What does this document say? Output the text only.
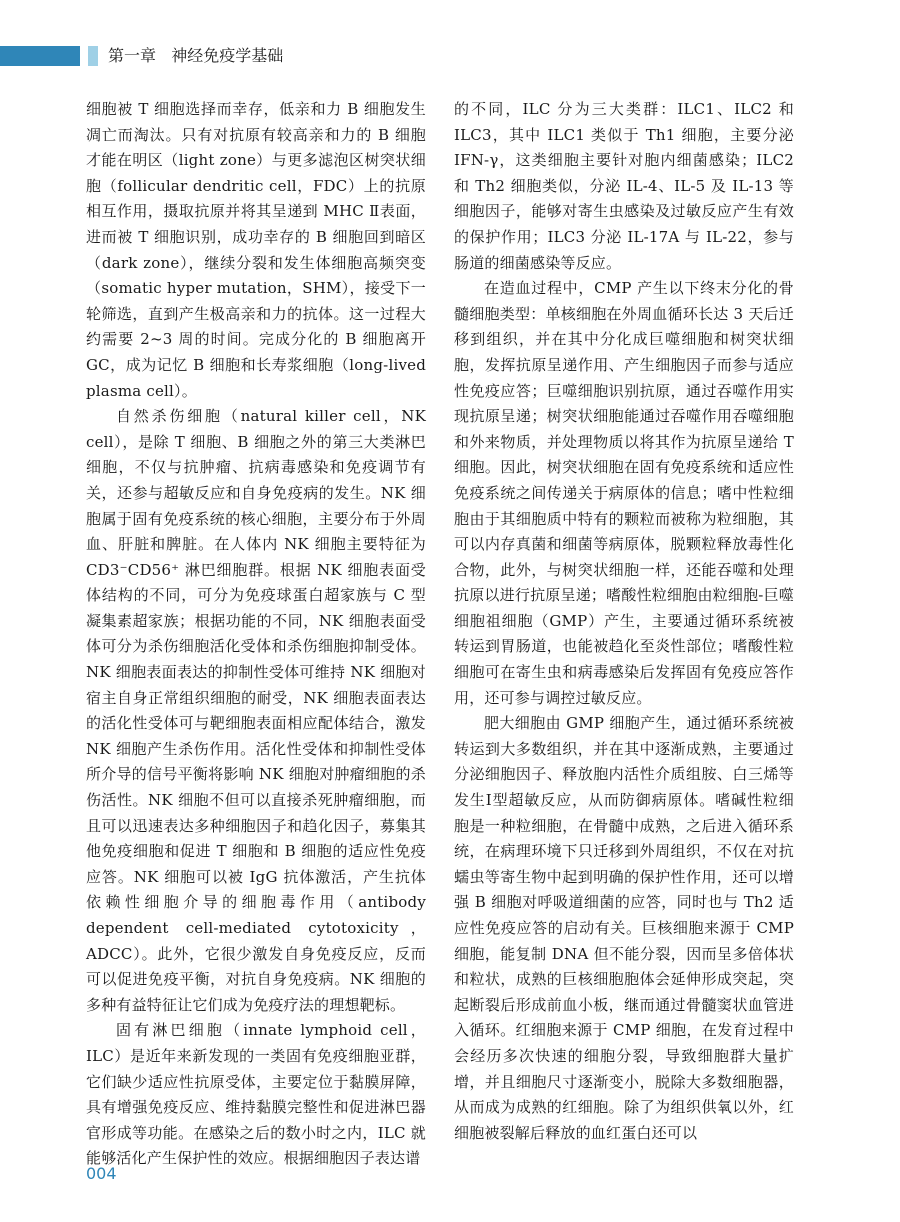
第一章   神经免疫学基础

细胞被 T 细胞选择而幸存，低亲和力 B 细胞发生凋亡而淘汰。只有对抗原有较高亲和力的 B 细胞才能在明区（light zone）与更多滤泡区树突状细胞（follicular dendritic cell，FDC）上的抗原相互作用，摄取抗原并将其呈递到 MHC Ⅱ表面，进而被 T 细胞识别，成功幸存的 B 细胞回到暗区（dark zone），继续分裂和发生体细胞高频突变（somatic hyper mutation，SHM），接受下一轮筛选，直到产生极高亲和力的抗体。这一过程大约需要 2~3 周的时间。完成分化的 B 细胞离开 GC，成为记忆 B 细胞和长寿浆细胞（long-lived plasma cell）。

自然杀伤细胞（natural killer cell，NK cell），是除 T 细胞、B 细胞之外的第三大类淋巴细胞，不仅与抗肿瘤、抗病毒感染和免疫调节有关，还参与超敏反应和自身免疫病的发生。NK 细胞属于固有免疫系统的核心细胞，主要分布于外周血、肝脏和脾脏。在人体内 NK 细胞主要特征为 CD3⁻CD56⁺ 淋巴细胞群。根据 NK 细胞表面受体结构的不同，可分为免疫球蛋白超家族与 C 型凝集素超家族；根据功能的不同，NK 细胞表面受体可分为杀伤细胞活化受体和杀伤细胞抑制受体。NK 细胞表面表达的抑制性受体可维持 NK 细胞对宿主自身正常组织细胞的耐受，NK 细胞表面表达的活化性受体可与靶细胞表面相应配体结合，激发 NK 细胞产生杀伤作用。活化性受体和抑制性受体所介导的信号平衡将影响 NK 细胞对肿瘤细胞的杀伤活性。NK 细胞不但可以直接杀死肿瘤细胞，而且可以迅速表达多种细胞因子和趋化因子，募集其他免疫细胞和促进 T 细胞和 B 细胞的适应性免疫应答。NK 细胞可以被 IgG 抗体激活，产生抗体依赖性细胞介导的细胞毒作用（antibody dependent cell-mediated cytotoxicity，ADCC）。此外，它很少激发自身免疫反应，反而可以促进免疫平衡，对抗自身免疫病。NK 细胞的多种有益特征让它们成为免疫疗法的理想靶标。

固有淋巴细胞（innate lymphoid cell，ILC）是近年来新发现的一类固有免疫细胞亚群，它们缺少适应性抗原受体，主要定位于黏膜屏障，具有增强免疫反应、维持黏膜完整性和促进淋巴器官形成等功能。在感染之后的数小时之内，ILC 就能够活化产生保护性的效应。根据细胞因子表达谱

的不同，ILC 分为三大类群：ILC1、ILC2 和 ILC3，其中 ILC1 类似于 Th1 细胞，主要分泌 IFN-γ，这类细胞主要针对胞内细菌感染；ILC2 和 Th2 细胞类似，分泌 IL-4、IL-5 及 IL-13 等细胞因子，能够对寄生虫感染及过敏反应产生有效的保护作用；ILC3 分泌 IL-17A 与 IL-22，参与肠道的细菌感染等反应。

在造血过程中，CMP 产生以下终末分化的骨髓细胞类型：单核细胞在外周血循环长达 3 天后迁移到组织，并在其中分化成巨噬细胞和树突状细胞，发挥抗原呈递作用、产生细胞因子而参与适应性免疫应答；巨噬细胞识别抗原，通过吞噬作用实现抗原呈递；树突状细胞能通过吞噬作用吞噬细胞和外来物质，并处理物质以将其作为抗原呈递给 T 细胞。因此，树突状细胞在固有免疫系统和适应性免疫系统之间传递关于病原体的信息；嗜中性粒细胞由于其细胞质中特有的颗粒而被称为粒细胞，其可以内存真菌和细菌等病原体，脱颗粒释放毒性化合物，此外，与树突状细胞一样，还能吞噬和处理抗原以进行抗原呈递；嗜酸性粒细胞由粒细胞-巨噬细胞祖细胞（GMP）产生，主要通过循环系统被转运到胃肠道，也能被趋化至炎性部位；嗜酸性粒细胞可在寄生虫和病毒感染后发挥固有免疫应答作用，还可参与调控过敏反应。

肥大细胞由 GMP 细胞产生，通过循环系统被转运到大多数组织，并在其中逐渐成熟，主要通过分泌细胞因子、释放胞内活性介质组胺、白三烯等发生Ⅰ型超敏反应，从而防御病原体。嗜碱性粒细胞是一种粒细胞，在骨髓中成熟，之后进入循环系统，在病理环境下只迁移到外周组织，不仅在对抗蠕虫等寄生物中起到明确的保护性作用，还可以增强 B 细胞对呼吸道细菌的应答，同时也与 Th2 适应性免疫应答的启动有关。巨核细胞来源于 CMP 细胞，能复制 DNA 但不能分裂，因而呈多倍体状和粒状，成熟的巨核细胞胞体会延伸形成突起，突起断裂后形成前血小板，继而通过骨髓窦状血管进入循环。红细胞来源于 CMP 细胞，在发育过程中会经历多次快速的细胞分裂，导致细胞群大量扩增，并且细胞尺寸逐渐变小，脱除大多数细胞器，从而成为成熟的红细胞。除了为组织供氧以外，红细胞被裂解后释放的血红蛋白还可以

004
